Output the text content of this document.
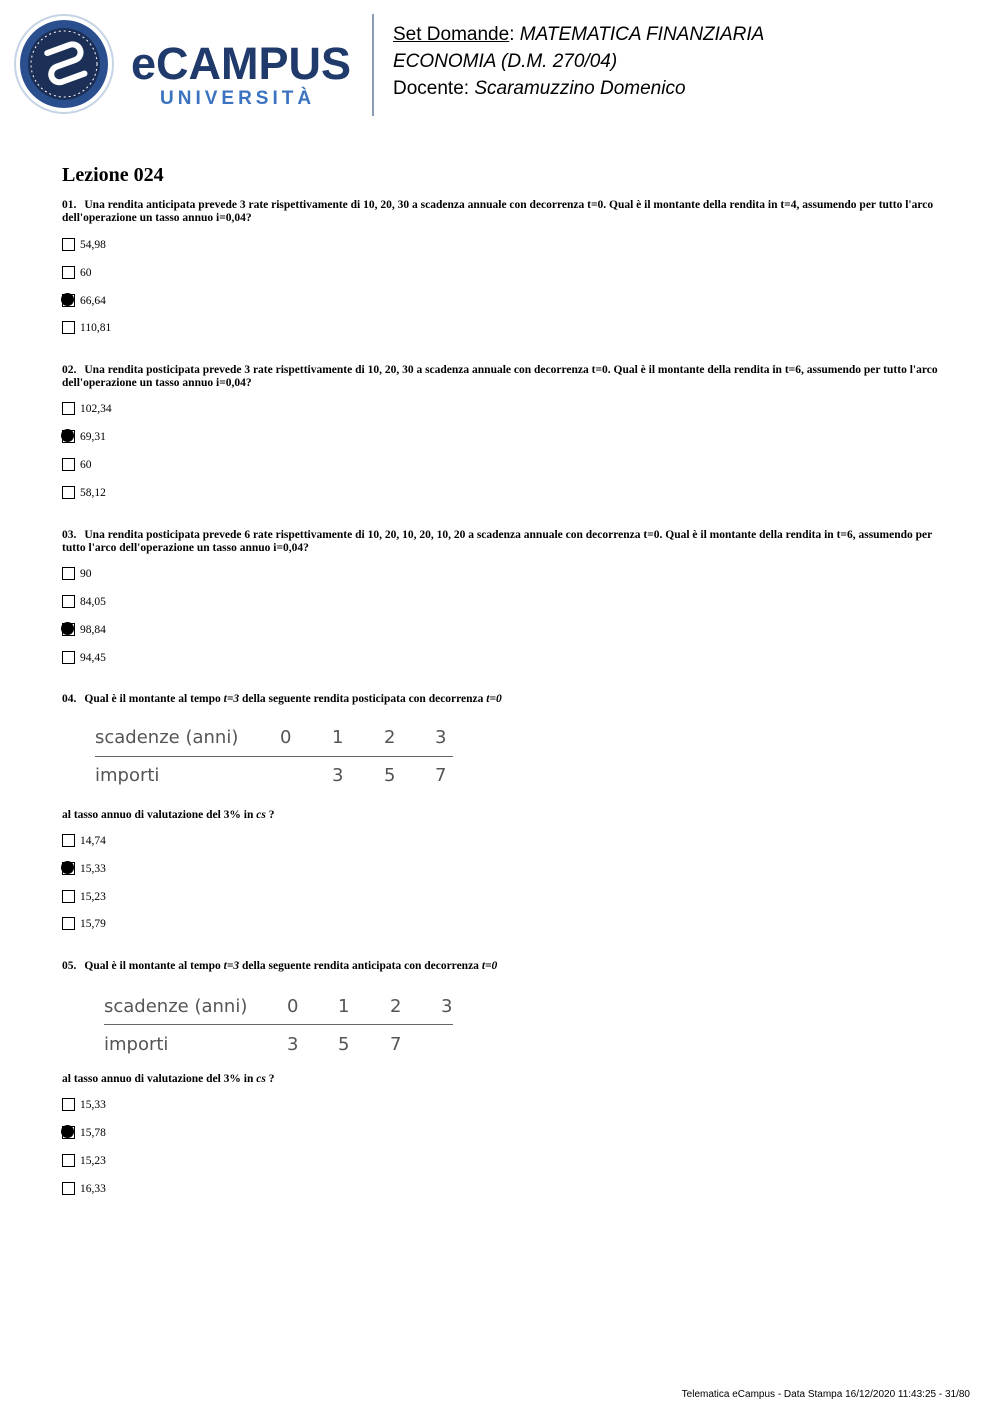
eCAMPUS
UNIVERSITÀ
Set Domande: MATEMATICA FINANZIARIA
ECONOMIA (D.M. 270/04)
Docente: Scaramuzzino Domenico
Lezione 024
01. Una rendita anticipata prevede 3 rate rispettivamente di 10, 20, 30 a scadenza annuale con decorrenza t=0. Qual è il montante della rendita in t=4, assumendo per tutto l'arco dell'operazione un tasso annuo i=0,04?
54,98
60
66,64
110,81
02. Una rendita posticipata prevede 3 rate rispettivamente di 10, 20, 30 a scadenza annuale con decorrenza t=0. Qual è il montante della rendita in t=6, assumendo per tutto l'arco dell'operazione un tasso annuo i=0,04?
102,34
69,31
60
58,12
03. Una rendita posticipata prevede 6 rate rispettivamente di 10, 20, 10, 20, 10, 20 a scadenza annuale con decorrenza t=0. Qual è il montante della rendita in t=6, assumendo per tutto l'arco dell'operazione un tasso annuo i=0,04?
90
84,05
98,84
94,45
04. Qual è il montante al tempo t=3 della seguente rendita posticipata con decorrenza t=0
scadenze (anni) 0 1 2 3
importi	3 5 7
al tasso annuo di valutazione del 3% in cs ?
14,74
15,33
15,23
15,79
05. Qual è il montante al tempo t=3 della seguente rendita anticipata con decorrenza t=0
scadenze (anni) 0 1 2 3
importi	3 5 7
al tasso annuo di valutazione del 3% in cs ?
15,33
15,78
15,23
16,33
Telematica eCampus - Data Stampa 16/12/2020 11:43:25 - 31/80
